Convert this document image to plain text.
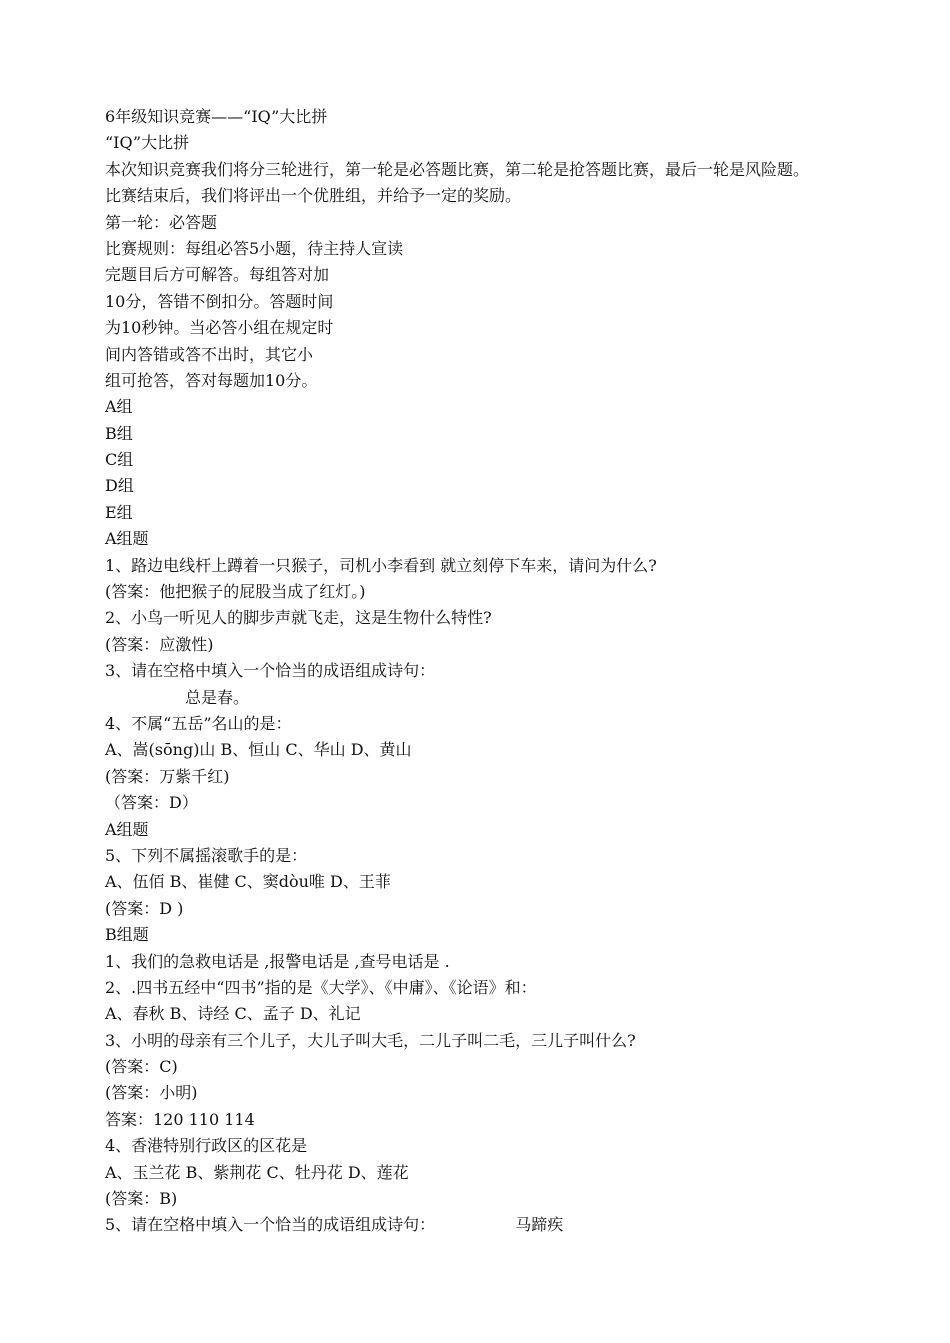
6年级知识竞赛——“IQ”大比拼
“IQ”大比拼
本次知识竞赛我们将分三轮进行，第一轮是必答题比赛，第二轮是抢答题比赛，最后一轮是风险题。
比赛结束后，我们将评出一个优胜组，并给予一定的奖励。
第一轮：必答题
比赛规则：每组必答5小题，待主持人宣读
完题目后方可解答。每组答对加
10分，答错不倒扣分。答题时间
为10秒钟。当必答小组在规定时
间内答错或答不出时，其它小
组可抢答，答对每题加10分。
A组
B组
C组
D组
E组
A组题
1、路边电线杆上蹲着一只猴子，司机小李看到 就立刻停下车来，请问为什么?
(答案：他把猴子的屁股当成了红灯。)
2、小鸟一听见人的脚步声就飞走，这是生物什么特性?
(答案：应激性)
3、请在空格中填入一个恰当的成语组成诗句：
总是春。
4、不属“五岳”名山的是：
A、嵩(sōng)山 B、恒山 C、华山 D、黄山
(答案：万紫千红)
（答案：D）
A组题
5、下列不属摇滚歌手的是：
A、伍佰 B、崔健 C、窦dòu唯 D、王菲
(答案：D )
B组题
1、我们的急救电话是 ,报警电话是 ,查号电话是 .
2、.四书五经中“四书”指的是《大学》、《中庸》、《论语》和：
A、春秋 B、诗经 C、孟子 D、礼记
3、小明的母亲有三个儿子，大儿子叫大毛，二儿子叫二毛，三儿子叫什么?
(答案：C)
(答案：小明)
答案：120 110 114
4、香港特别行政区的区花是
A、玉兰花 B、紫荆花 C、牡丹花 D、莲花
(答案：B)
5、请在空格中填入一个恰当的成语组成诗句：	马蹄疾
